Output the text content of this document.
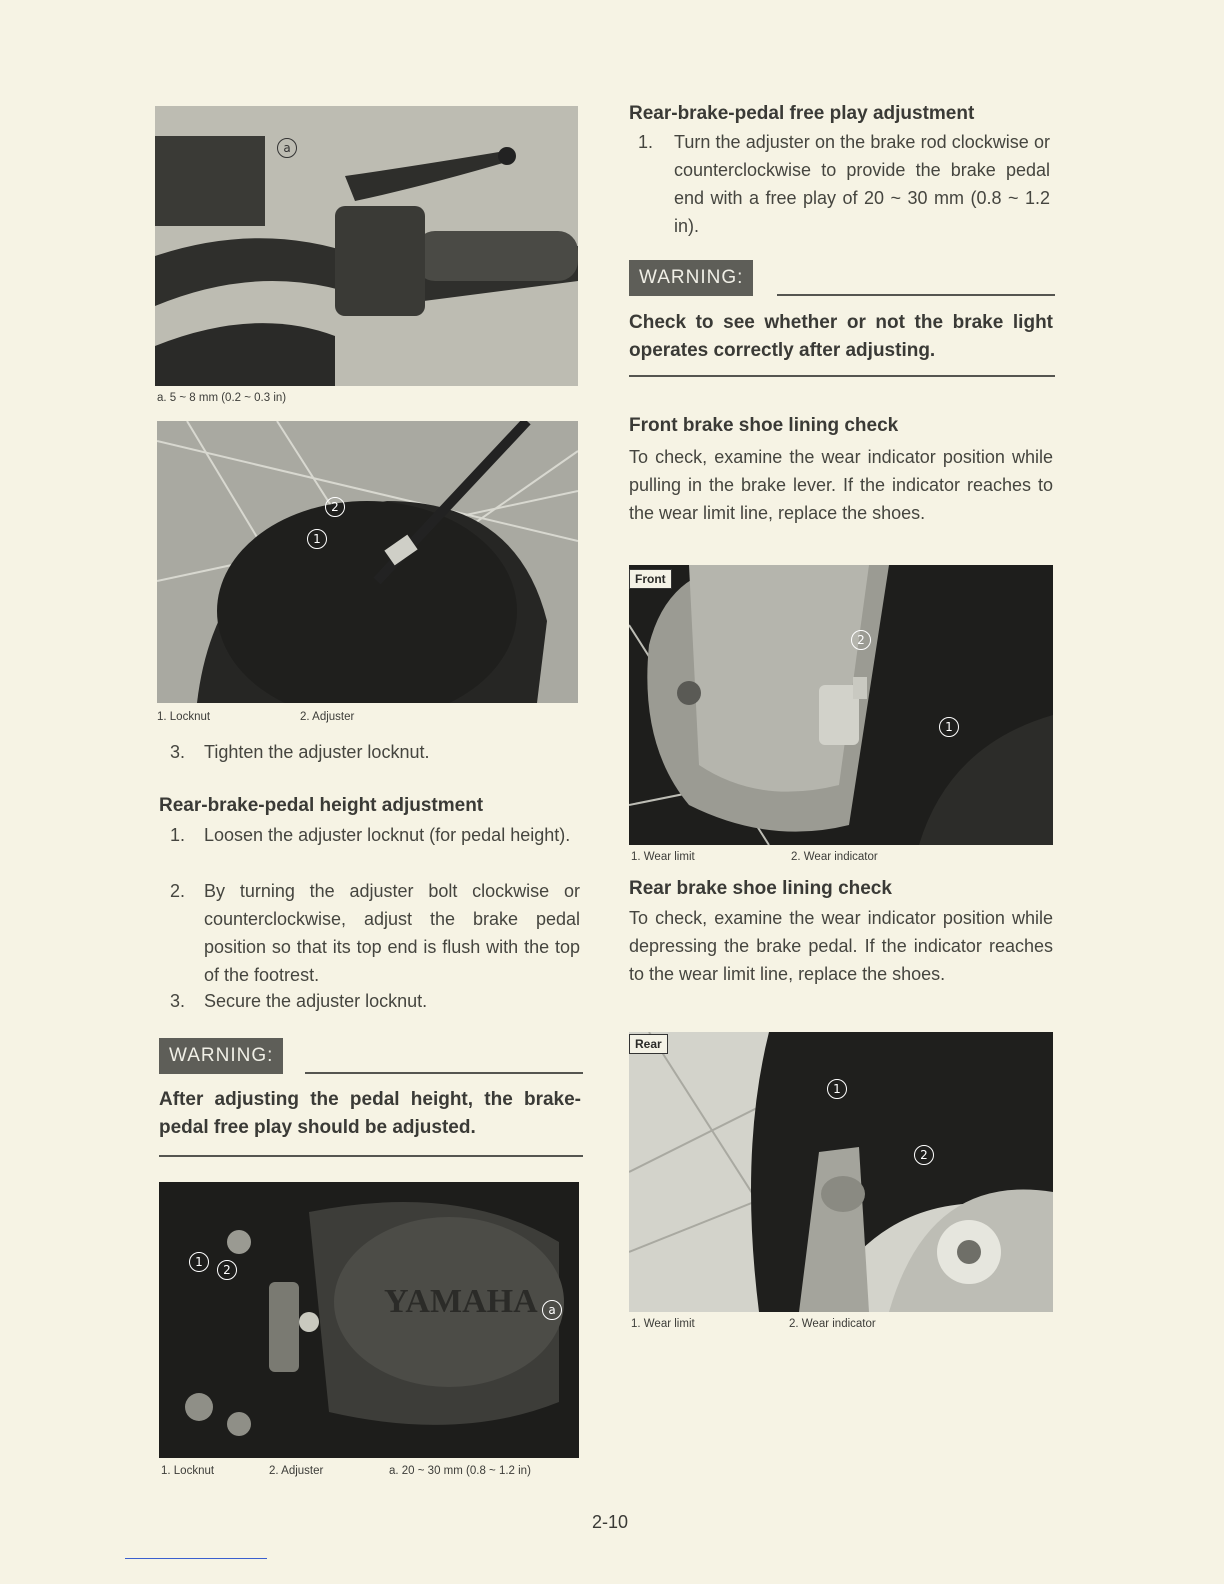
a
a. 5 ~ 8 mm (0.2 ~ 0.3 in)
2
1
1. Locknut	2. Adjuster
3. Tighten the adjuster locknut.
Rear-brake-pedal height adjustment
1. Loosen the adjuster locknut (for pedal height).
2. By turning the adjuster bolt clockwise or counterclockwise, adjust the brake pedal position so that its top end is flush with the top of the footrest.
3. Secure the adjuster locknut.
WARNING:
After adjusting the pedal height, the brake-pedal free play should be adjusted.
YAMAHA
1
2
a
1. Locknut	2. Adjuster	a. 20 ~ 30 mm (0.8 ~ 1.2 in)
Rear-brake-pedal free play adjustment
1. Turn the adjuster on the brake rod clockwise or counterclockwise to provide the brake pedal end with a free play of 20 ~ 30 mm (0.8 ~ 1.2 in).
WARNING:
Check to see whether or not the brake light operates correctly after adjusting.
Front brake shoe lining check
To check, examine the wear indicator position while pulling in the brake lever. If the indicator reaches to the wear limit line, replace the shoes.
Front
2
1
1. Wear limit	2. Wear indicator
Rear brake shoe lining check
To check, examine the wear indicator position while depressing the brake pedal. If the indicator reaches to the wear limit line, replace the shoes.
Rear
1
2
1. Wear limit	2. Wear indicator
2-10
